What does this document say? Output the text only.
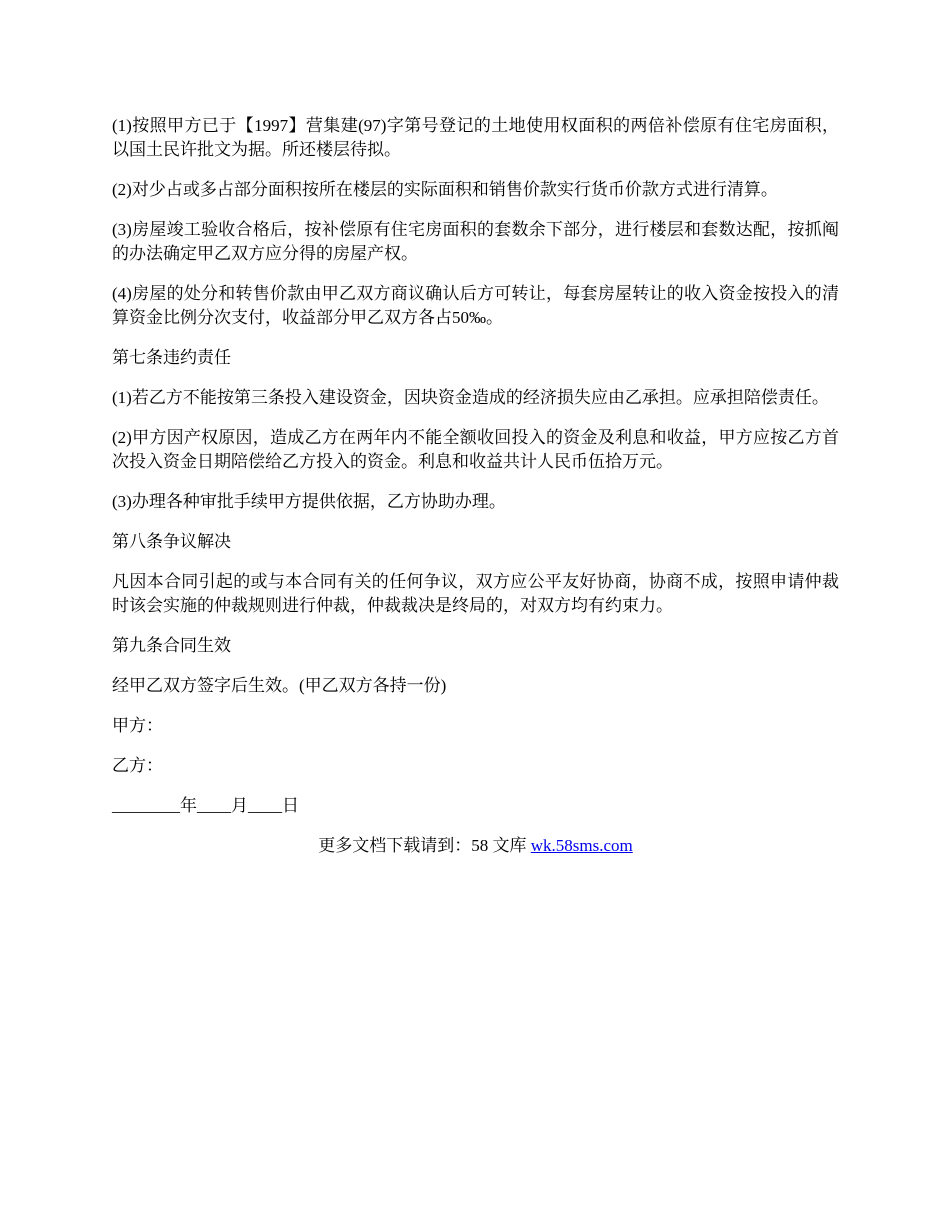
(1)按照甲方已于【1997】营集建(97)字第号登记的土地使用权面积的两倍补偿原有住宅房面积，以国土民许批文为据。所还楼层待拟。

(2)对少占或多占部分面积按所在楼层的实际面积和销售价款实行货币价款方式进行清算。

(3)房屋竣工验收合格后，按补偿原有住宅房面积的套数余下部分，进行楼层和套数达配，按抓阄的办法确定甲乙双方应分得的房屋产权。

(4)房屋的处分和转售价款由甲乙双方商议确认后方可转让，每套房屋转让的收入资金按投入的清算资金比例分次支付，收益部分甲乙双方各占50‰。

第七条违约责任

(1)若乙方不能按第三条投入建设资金，因块资金造成的经济损失应由乙承担。应承担陪偿责任。

(2)甲方因产权原因，造成乙方在两年内不能全额收回投入的资金及利息和收益，甲方应按乙方首次投入资金日期陪偿给乙方投入的资金。利息和收益共计人民币伍拾万元。

(3)办理各种审批手续甲方提供依据，乙方协助办理。

第八条争议解决

凡因本合同引起的或与本合同有关的任何争议，双方应公平友好协商，协商不成，按照申请仲裁时该会实施的仲裁规则进行仲裁，仲裁裁决是终局的，对双方均有约束力。

第九条合同生效

经甲乙双方签字后生效。(甲乙双方各持一份)

甲方：

乙方：

________年____月____日

更多文档下载请到：58 文库 wk.58sms.com
